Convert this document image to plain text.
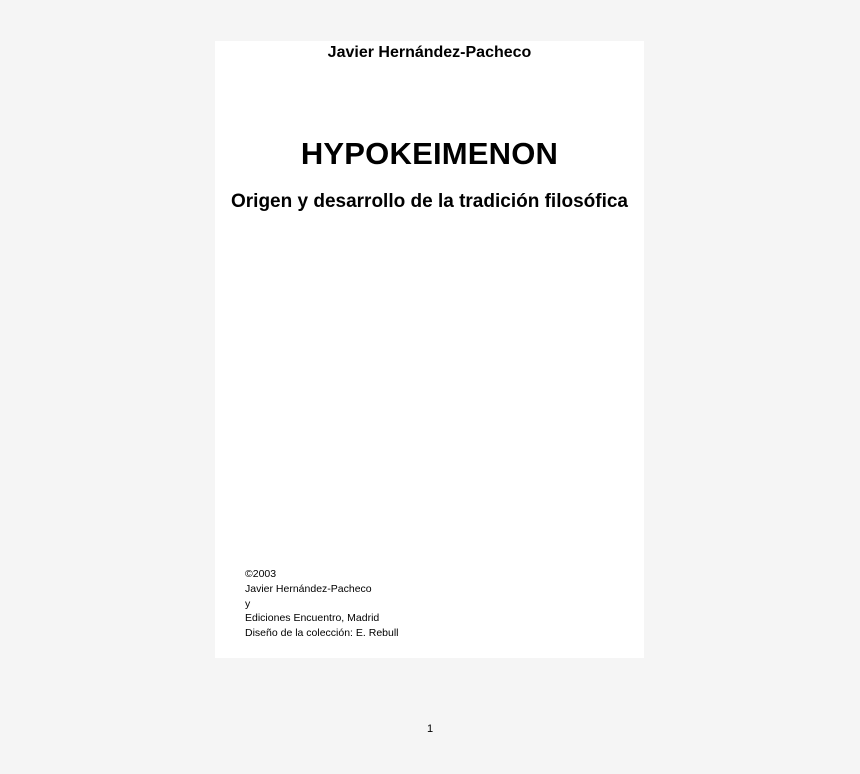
Javier Hernández-Pacheco
HYPOKEIMENON
Origen y desarrollo de la tradición filosófica
©2003
Javier Hernández-Pacheco
y
Ediciones Encuentro, Madrid
Diseño de la colección: E. Rebull
1
